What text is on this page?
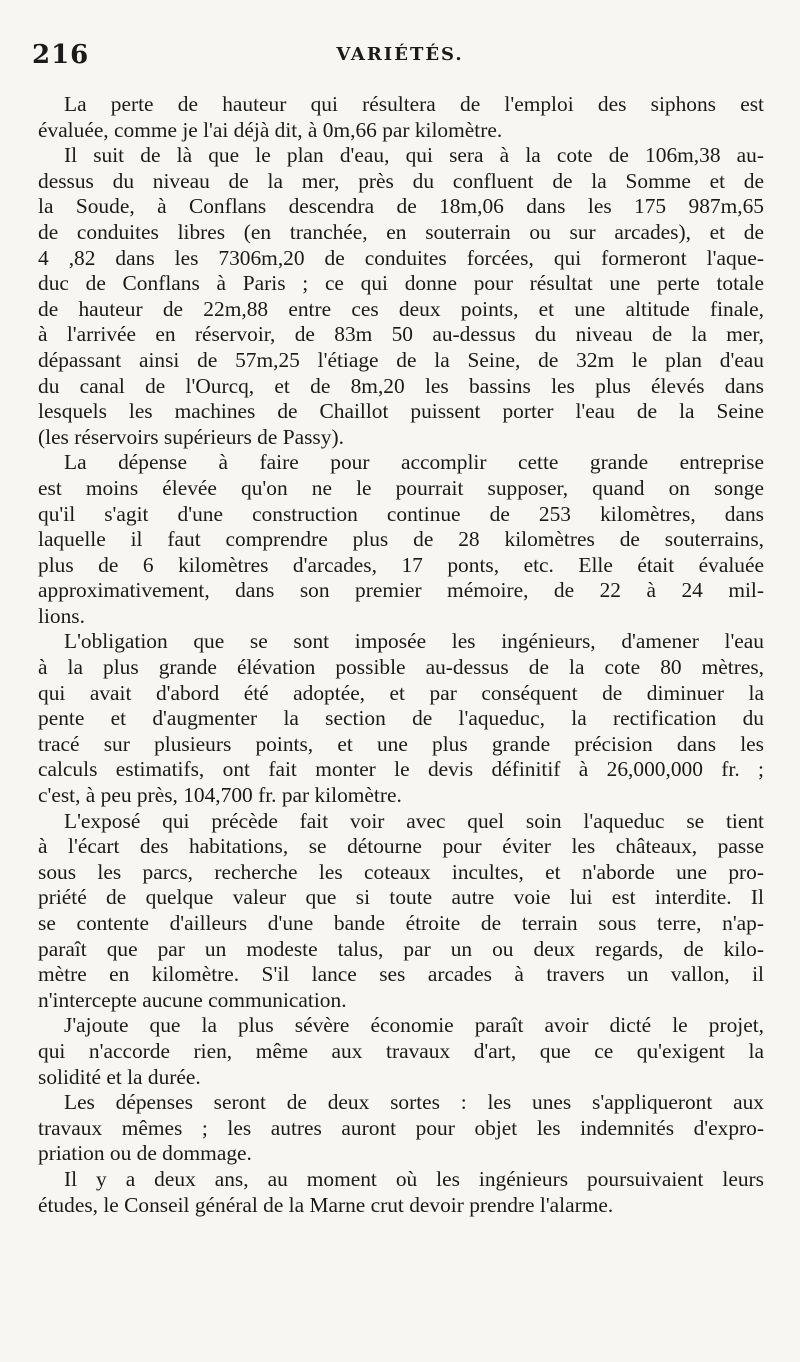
216	VARIÉTÉS.
La perte de hauteur qui résultera de l'emploi des siphons est
évaluée, comme je l'ai déjà dit, à 0m,66 par kilomètre.
Il suit de là que le plan d'eau, qui sera à la cote de 106m,38 au-
dessus du niveau de la mer, près du confluent de la Somme et de
la Soude, à Conflans descendra de 18m,06 dans les 175 987m,65
de conduites libres (en tranchée, en souterrain ou sur arcades), et de
4 ,82 dans les 7306m,20 de conduites forcées, qui formeront l'aque-
duc de Conflans à Paris ; ce qui donne pour résultat une perte totale
de hauteur de 22m,88 entre ces deux points, et une altitude finale,
à l'arrivée en réservoir, de 83m 50 au-dessus du niveau de la mer,
dépassant ainsi de 57m,25 l'étiage de la Seine, de 32m le plan d'eau
du canal de l'Ourcq, et de 8m,20 les bassins les plus élevés dans
lesquels les machines de Chaillot puissent porter l'eau de la Seine
(les réservoirs supérieurs de Passy).
La dépense à faire pour accomplir cette grande entreprise
est moins élevée qu'on ne le pourrait supposer, quand on songe
qu'il s'agit d'une construction continue de 253 kilomètres, dans
laquelle il faut comprendre plus de 28 kilomètres de souterrains,
plus de 6 kilomètres d'arcades, 17 ponts, etc. Elle était évaluée
approximativement, dans son premier mémoire, de 22 à 24 mil-
lions.
L'obligation que se sont imposée les ingénieurs, d'amener l'eau
à la plus grande élévation possible au-dessus de la cote 80 mètres,
qui avait d'abord été adoptée, et par conséquent de diminuer la
pente et d'augmenter la section de l'aqueduc, la rectification du
tracé sur plusieurs points, et une plus grande précision dans les
calculs estimatifs, ont fait monter le devis définitif à 26,000,000 fr. ;
c'est, à peu près, 104,700 fr. par kilomètre.
L'exposé qui précède fait voir avec quel soin l'aqueduc se tient
à l'écart des habitations, se détourne pour éviter les châteaux, passe
sous les parcs, recherche les coteaux incultes, et n'aborde une pro-
priété de quelque valeur que si toute autre voie lui est interdite. Il
se contente d'ailleurs d'une bande étroite de terrain sous terre, n'ap-
paraît que par un modeste talus, par un ou deux regards, de kilo-
mètre en kilomètre. S'il lance ses arcades à travers un vallon, il
n'intercepte aucune communication.
J'ajoute que la plus sévère économie paraît avoir dicté le projet,
qui n'accorde rien, même aux travaux d'art, que ce qu'exigent la
solidité et la durée.
Les dépenses seront de deux sortes : les unes s'appliqueront aux
travaux mêmes ; les autres auront pour objet les indemnités d'expro-
priation ou de dommage.
Il y a deux ans, au moment où les ingénieurs poursuivaient leurs
études, le Conseil général de la Marne crut devoir prendre l'alarme.
